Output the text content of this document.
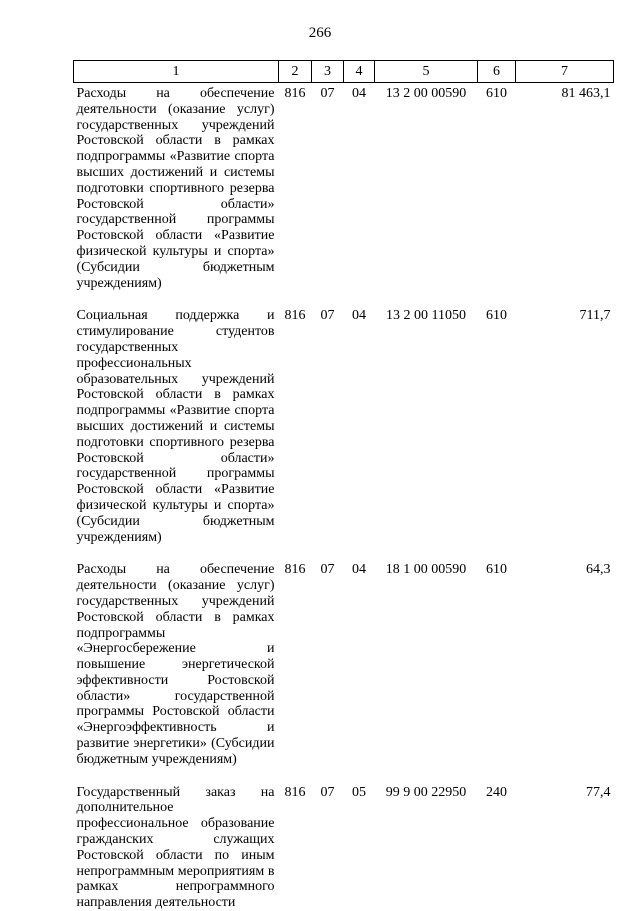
266
1	2	3	4	5	6	7
Расходы на обеспечение деятельности (оказание услуг) государственных учреждений Ростовской области в рамках подпрограммы «Развитие спорта высших достижений и системы подготовки спортивного резерва Ростовской области» государственной программы Ростовской области «Развитие физической культуры и спорта» (Субсидии бюджетным учреждениям)	816	07	04	13 2 00 00590	610	81 463,1
Социальная поддержка и стимулирование студентов государственных профессиональных образовательных учреждений Ростовской области в рамках подпрограммы «Развитие спорта высших достижений и системы подготовки спортивного резерва Ростовской области» государственной программы Ростовской области «Развитие физической культуры и спорта» (Субсидии бюджетным учреждениям)	816	07	04	13 2 00 11050	610	711,7
Расходы на обеспечение деятельности (оказание услуг) государственных учреждений Ростовской области в рамках подпрограммы «Энергосбережение и повышение энергетической эффективности Ростовской области» государственной программы Ростовской области «Энергоэффективность и развитие энергетики» (Субсидии бюджетным учреждениям)	816	07	04	18 1 00 00590	610	64,3
Государственный заказ на дополнительное профессиональное образование гражданских служащих Ростовской области по иным непрограммным мероприятиям в рамках непрограммного направления деятельности	816	07	05	99 9 00 22950	240	77,4
